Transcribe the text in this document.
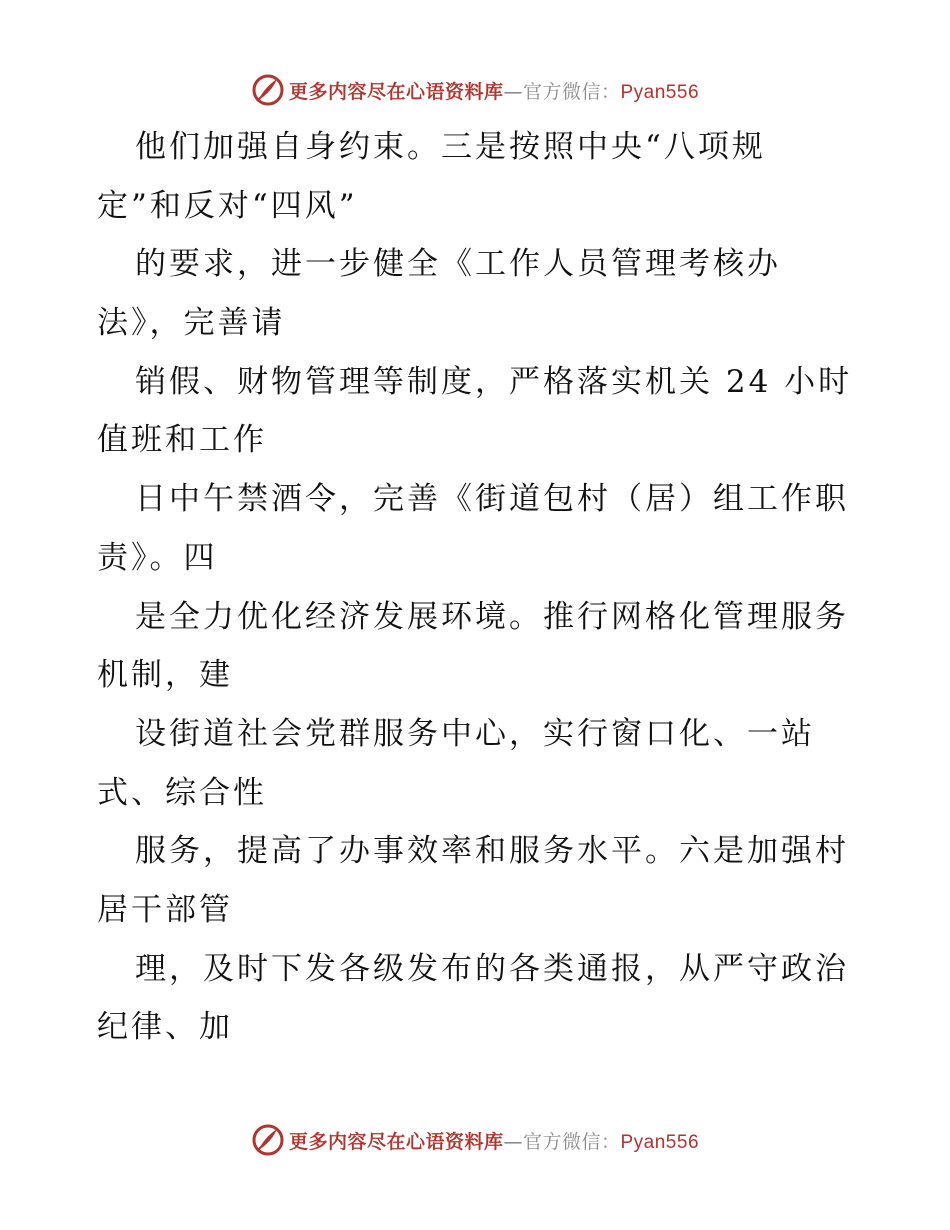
更多内容尽在心语资料库—官方微信：Pyan556
他们加强自身约束。三是按照中央“八项规
定”和反对“四风”
的要求，进一步健全《工作人员管理考核办
法》，完善请
销假、财物管理等制度，严格落实机关 24 小时
值班和工作
日中午禁酒令，完善《街道包村（居）组工作职
责》。四
是全力优化经济发展环境。推行网格化管理服务
机制，建
设街道社会党群服务中心，实行窗口化、一站
式、综合性
服务，提高了办事效率和服务水平。六是加强村
居干部管
理，及时下发各级发布的各类通报，从严守政治
纪律、加
更多内容尽在心语资料库—官方微信：Pyan556
